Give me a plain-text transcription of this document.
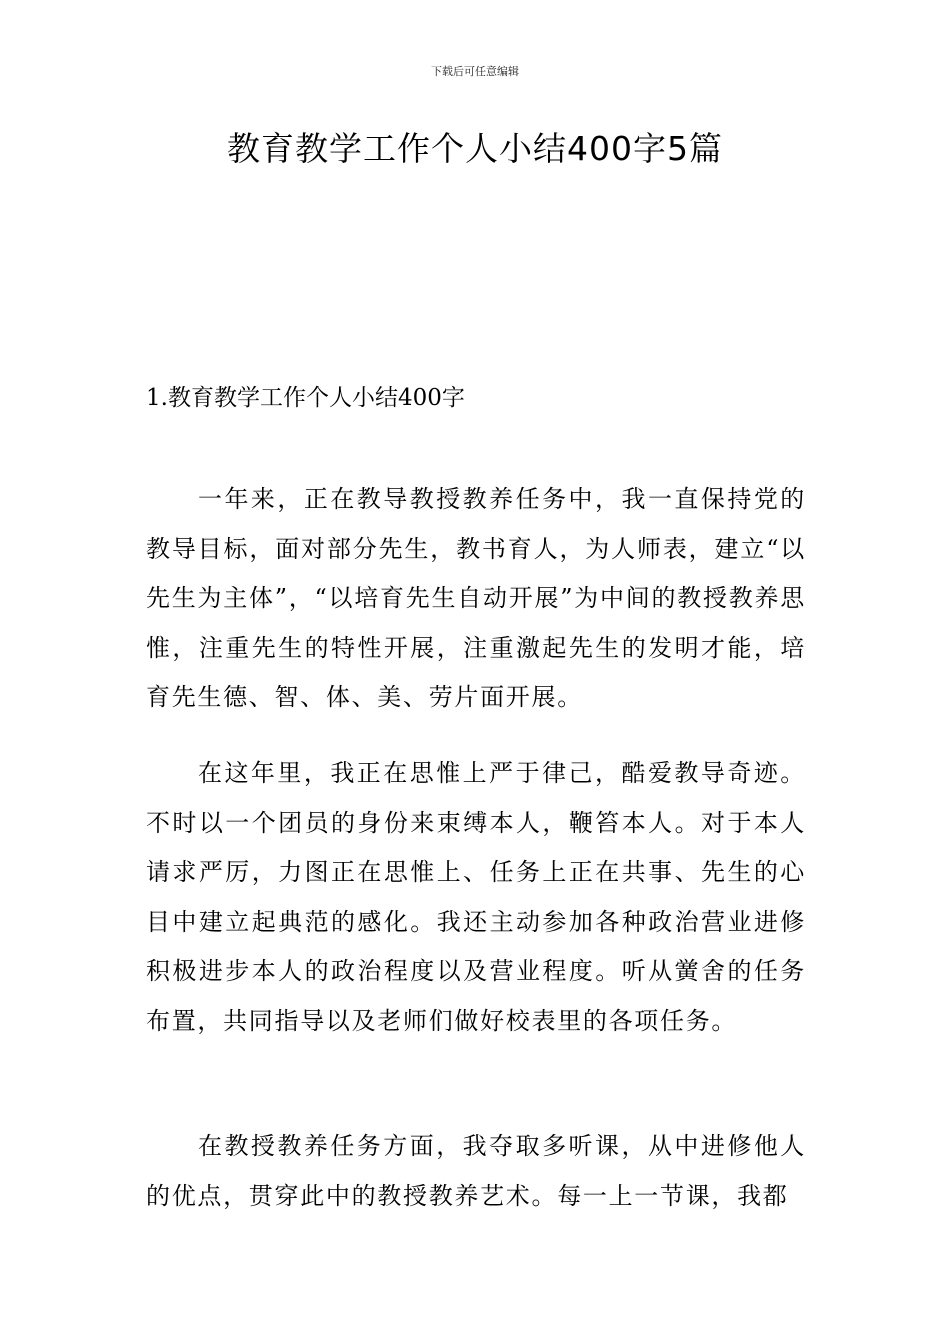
下载后可任意编辑
教育教学工作个人小结400字5篇
1.教育教学工作个人小结400字

一年来，正在教导教授教养任务中，我一直保持党的教导目标，面对部分先生，教书育人，为人师表，建立“以先生为主体”，“以培育先生自动开展”为中间的教授教养思惟，注重先生的特性开展，注重激起先生的发明才能，培育先生德、智、体、美、劳片面开展。

在这年里，我正在思惟上严于律己，酷爱教导奇迹。不时以一个团员的身份来束缚本人，鞭笞本人。对于本人请求严厉，力图正在思惟上、任务上正在共事、先生的心目中建立起典范的感化。我还主动参加各种政治营业进修积极进步本人的政治程度以及营业程度。听从黉舍的任务布置，共同指导以及老师们做好校表里的各项任务。

在教授教养任务方面，我夺取多听课，从中进修他人的优点，贯穿此中的教授教养艺术。每一上一节课，我都
